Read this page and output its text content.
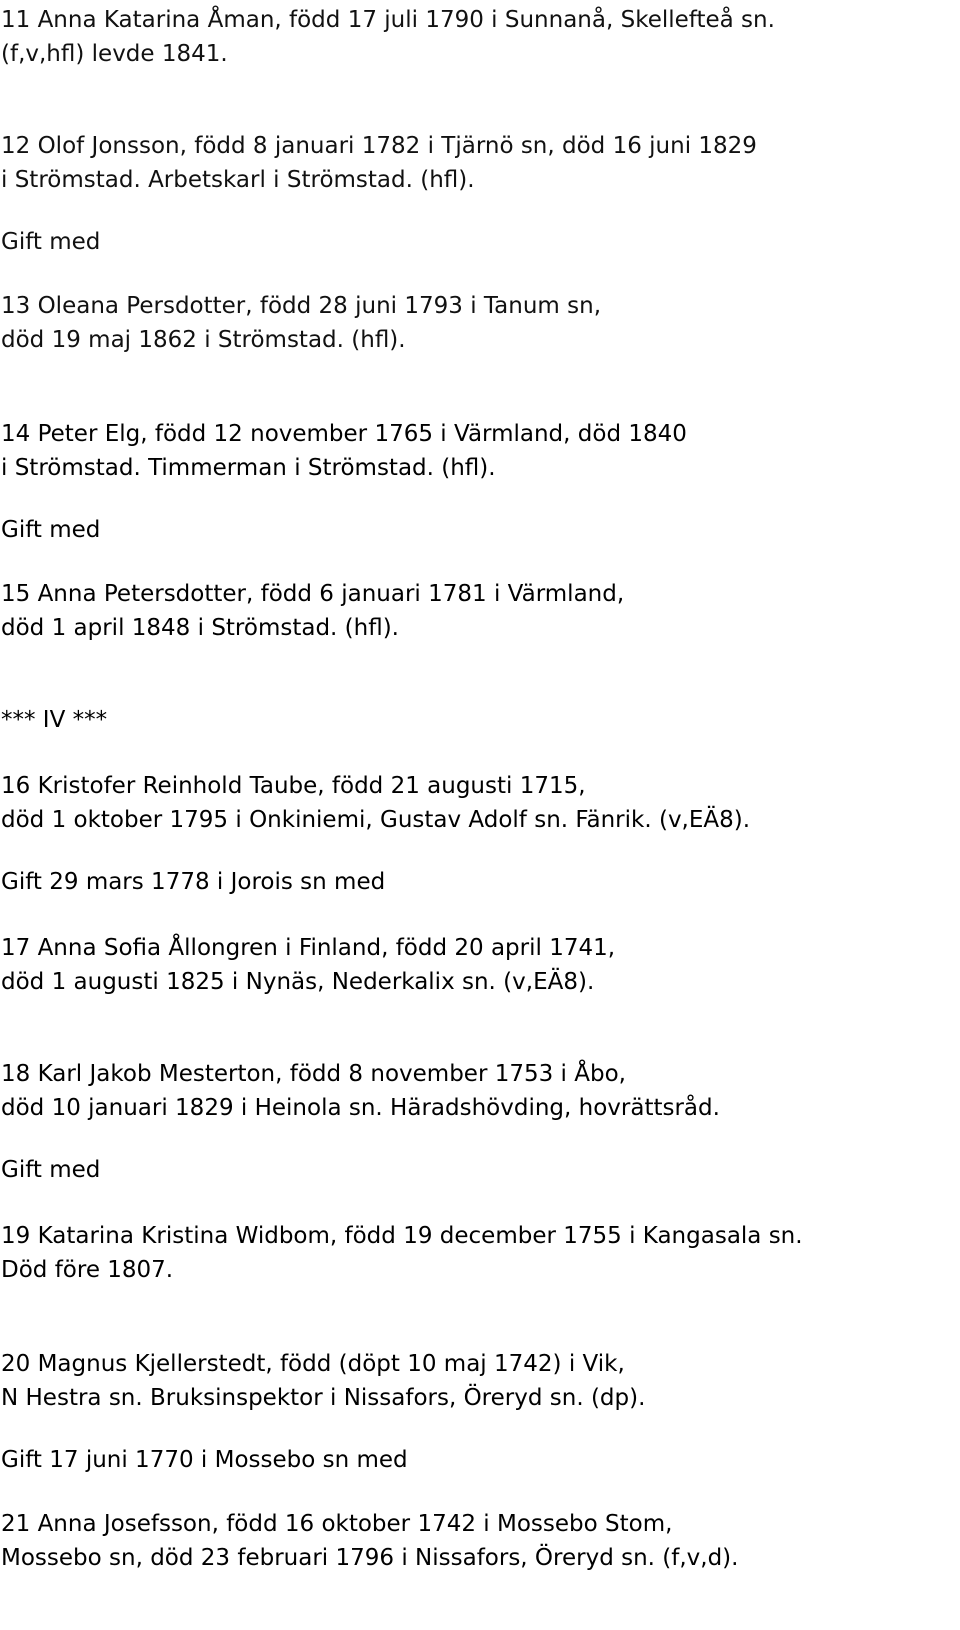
11 Anna Katarina Åman, född 17 juli 1790 i Sunnanå, Skellefteå sn.
(f,v,hfl) levde 1841.
12 Olof Jonsson, född 8 januari 1782 i Tjärnö sn, död 16 juni 1829
i Strömstad. Arbetskarl i Strömstad. (hfl).
Gift med
13 Oleana Persdotter, född 28 juni 1793 i Tanum sn,
död 19 maj 1862 i Strömstad. (hfl).
14 Peter Elg, född 12 november 1765 i Värmland, död 1840
i Strömstad. Timmerman i Strömstad. (hfl).
Gift med
15 Anna Petersdotter, född 6 januari 1781 i Värmland,
död 1 april 1848 i Strömstad. (hfl).
*** IV ***
16 Kristofer Reinhold Taube, född 21 augusti 1715,
död 1 oktober 1795 i Onkiniemi, Gustav Adolf sn. Fänrik. (v,EÄ8).
Gift 29 mars 1778 i Jorois sn med
17 Anna Sofia Ållongren i Finland, född 20 april 1741,
död 1 augusti 1825 i Nynäs, Nederkalix sn. (v,EÄ8).
18 Karl Jakob Mesterton, född 8 november 1753 i Åbo,
död 10 januari 1829 i Heinola sn. Häradshövding, hovrättsråd.
Gift med
19 Katarina Kristina Widbom, född 19 december 1755 i Kangasala sn.
Död före 1807.
20 Magnus Kjellerstedt, född (döpt 10 maj 1742) i Vik,
N Hestra sn. Bruksinspektor i Nissafors, Öreryd sn. (dp).
Gift 17 juni 1770 i Mossebo sn med
21 Anna Josefsson, född 16 oktober 1742 i Mossebo Stom,
Mossebo sn, död 23 februari 1796 i Nissafors, Öreryd sn. (f,v,d).
